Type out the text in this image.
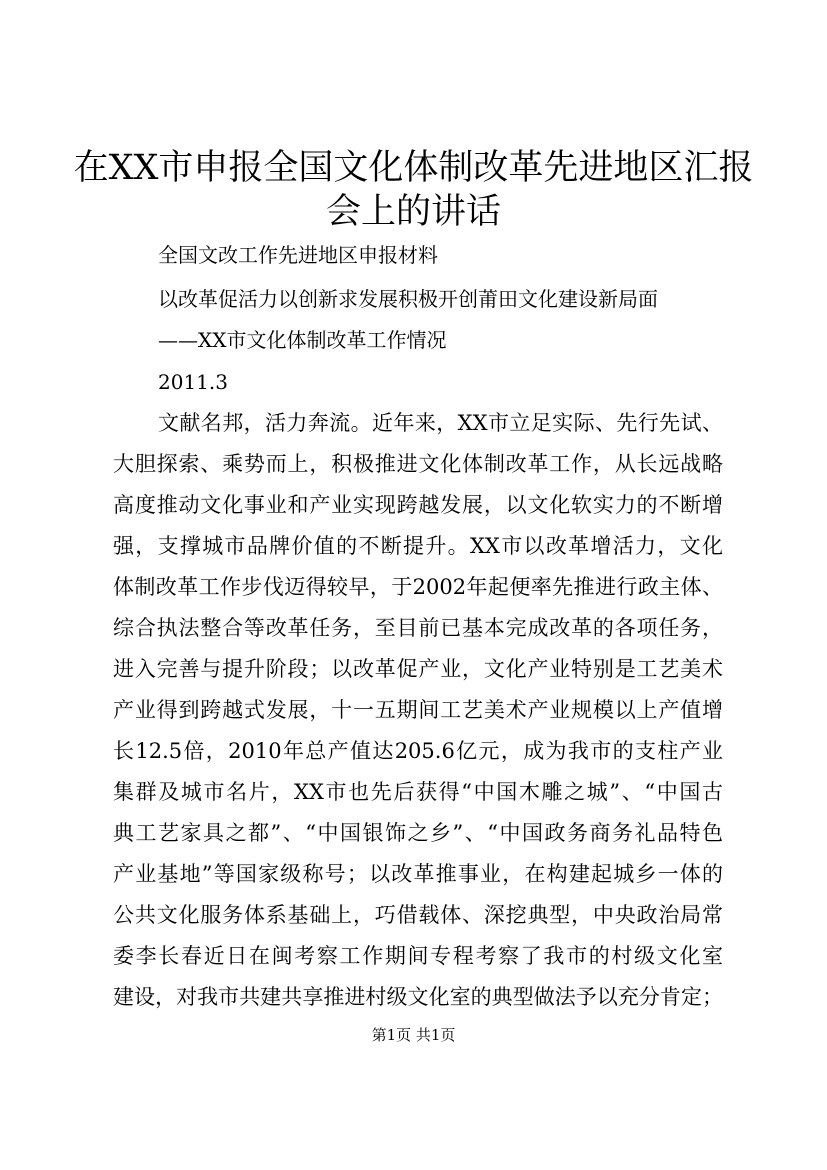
在XX市申报全国文化体制改革先进地区汇报
会上的讲话

全国文改工作先进地区申报材料

以改革促活力以创新求发展积极开创莆田文化建设新局面

——XX市文化体制改革工作情况

2011.3

文献名邦，活力奔流。近年来，XX市立足实际、先行先试、

大胆探索、乘势而上，积极推进文化体制改革工作，从长远战略

高度推动文化事业和产业实现跨越发展，以文化软实力的不断增

强，支撑城市品牌价值的不断提升。XX市以改革增活力，文化

体制改革工作步伐迈得较早，于2002年起便率先推进行政主体、

综合执法整合等改革任务，至目前已基本完成改革的各项任务，

进入完善与提升阶段；以改革促产业，文化产业特别是工艺美术

产业得到跨越式发展，十一五期间工艺美术产业规模以上产值增

长12.5倍，2010年总产值达205.6亿元，成为我市的支柱产业

集群及城市名片，XX市也先后获得“中国木雕之城”、“中国古

典工艺家具之都”、“中国银饰之乡”、“中国政务商务礼品特色

产业基地”等国家级称号；以改革推事业，在构建起城乡一体的

公共文化服务体系基础上，巧借载体、深挖典型，中央政治局常

委李长春近日在闽考察工作期间专程考察了我市的村级文化室

建设，对我市共建共享推进村级文化室的典型做法予以充分肯定；

第1页 共1页
